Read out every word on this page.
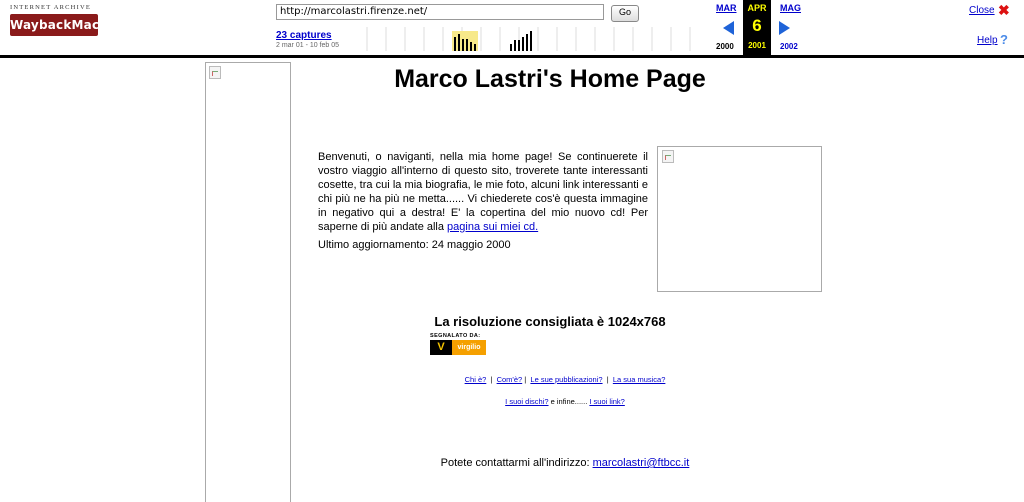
INTERNET ARCHIVE
WaybackMachine
http://marcolastri.firenze.net/	Go
23 captures
2 mar 01 - 10 feb 05
MAR	MAG
APR
6
2001
2000	2002
Close ✖
Help ?
Marco Lastri's Home Page

Benvenuti, o naviganti, nella mia home page! Se continuerete il vostro viaggio all'interno di questo sito, troverete tante interessanti cosette, tra cui la mia biografia, le mie foto, alcuni link interessanti e chi più ne ha più ne metta...... Vi chiederete cos'è questa immagine in negativo qui a destra! E' la copertina del mio nuovo cd! Per saperne di più andate alla pagina sui miei cd.

Ultimo aggiornamento: 24 maggio 2000
La risoluzione consigliata è 1024x768
SEGNALATO DA:
V	virgilio
Chi è?  |  Com'è? |  Le sue pubblicazioni?  |  La sua musica?
I suoi dischi? e infine...... I suoi link?
Potete contattarmi all'indirizzo: marcolastri@ftbcc.it
